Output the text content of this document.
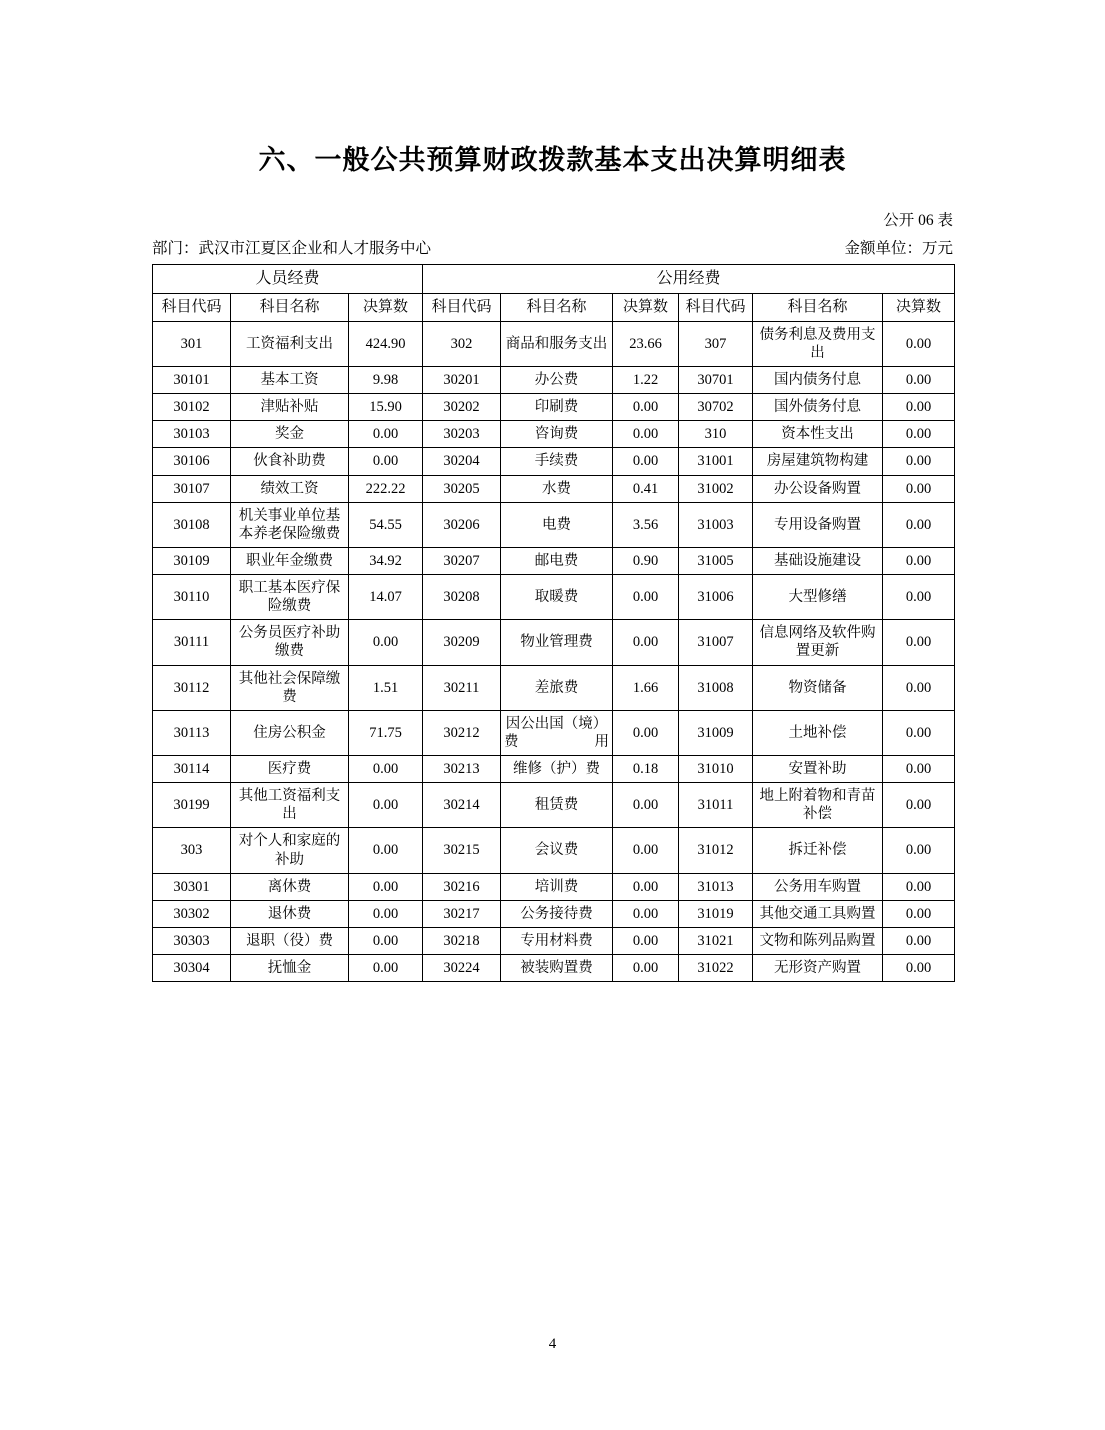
六、一般公共预算财政拨款基本支出决算明细表
公开 06 表
部门：武汉市江夏区企业和人才服务中心	金额单位：万元
人员经费			公用经费					
科目代码	科目名称	决算数	科目代码	科目名称	决算数	科目代码	科目名称	决算数
301	工资福利支出	424.90	302	商品和服务支出	23.66	307	债务利息及费用支出	0.00
30101	基本工资	9.98	30201	办公费	1.22	30701	国内债务付息	0.00
30102	津贴补贴	15.90	30202	印刷费	0.00	30702	国外债务付息	0.00
30103	奖金	0.00	30203	咨询费	0.00	310	资本性支出	0.00
30106	伙食补助费	0.00	30204	手续费	0.00	31001	房屋建筑物构建	0.00
30107	绩效工资	222.22	30205	水费	0.41	31002	办公设备购置	0.00
30108	机关事业单位基本养老保险缴费	54.55	30206	电费	3.56	31003	专用设备购置	0.00
30109	职业年金缴费	34.92	30207	邮电费	0.90	31005	基础设施建设	0.00
30110	职工基本医疗保险缴费	14.07	30208	取暖费	0.00	31006	大型修缮	0.00
30111	公务员医疗补助缴费	0.00	30209	物业管理费	0.00	31007	信息网络及软件购置更新	0.00
30112	其他社会保障缴费	1.51	30211	差旅费	1.66	31008	物资储备	0.00
30113	住房公积金	71.75	30212	因公出国（境）费用	0.00	31009	土地补偿	0.00
30114	医疗费	0.00	30213	维修（护）费	0.18	31010	安置补助	0.00
30199	其他工资福利支出	0.00	30214	租赁费	0.00	31011	地上附着物和青苗补偿	0.00
303	对个人和家庭的补助	0.00	30215	会议费	0.00	31012	拆迁补偿	0.00
30301	离休费	0.00	30216	培训费	0.00	31013	公务用车购置	0.00
30302	退休费	0.00	30217	公务接待费	0.00	31019	其他交通工具购置	0.00
30303	退职（役）费	0.00	30218	专用材料费	0.00	31021	文物和陈列品购置	0.00
30304	抚恤金	0.00	30224	被装购置费	0.00	31022	无形资产购置	0.00
4
